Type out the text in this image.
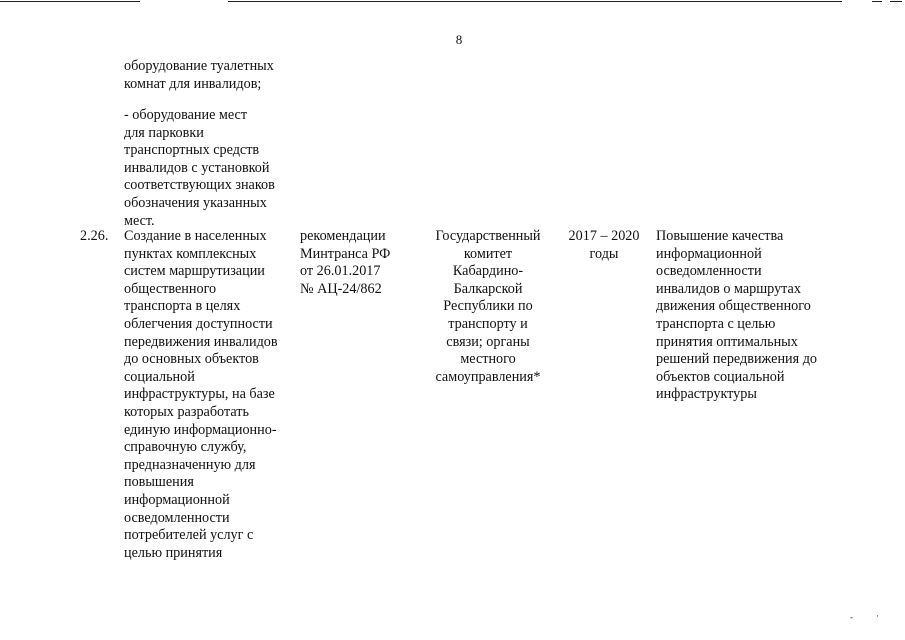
8
оборудование туалетных
комнат для инвалидов;
- оборудование мест
для парковки
транспортных средств
инвалидов с установкой
соответствующих знаков
обозначения указанных
мест.
2.26.	Создание в населенных
пунктах комплексных
систем маршрутизации
общественного
транспорта в целях
облегчения доступности
передвижения инвалидов
до основных объектов
социальной
инфраструктуры, на базе
которых разработать
единую информационно-
справочную службу,
предназначенную для
повышения
информационной
осведомленности
потребителей услуг с
целью принятия
рекомендации
Минтранса РФ
от 26.01.2017
№ АЦ-24/862
Государственный
комитет
Кабардино-
Балкарской
Республики по
транспорту и
связи; органы
местного
самоуправления*
2017 – 2020
годы
Повышение качества
информационной
осведомленности
инвалидов о маршрутах
движения общественного
транспорта с целью
принятия оптимальных
решений передвижения до
объектов социальной
инфраструктуры
-	·
